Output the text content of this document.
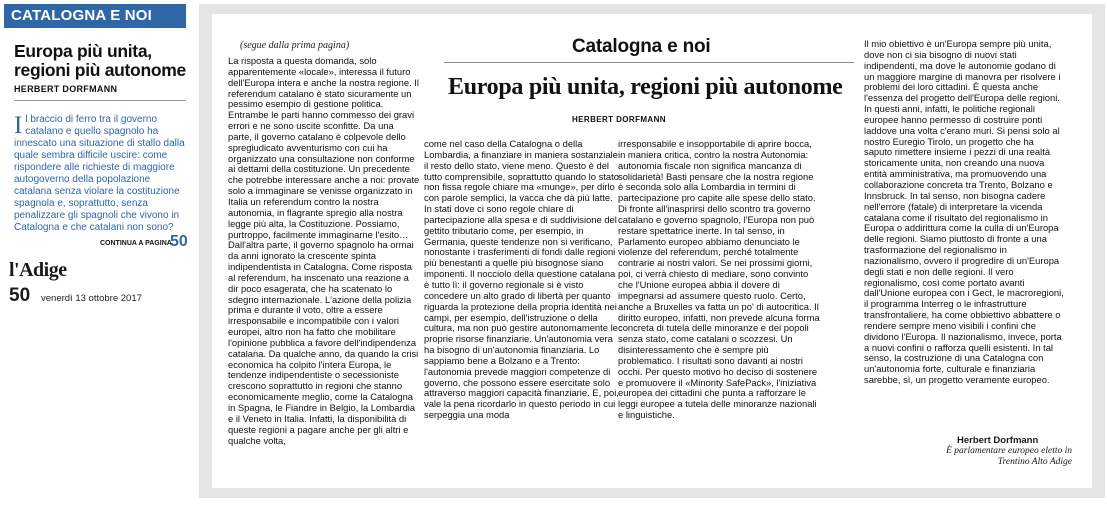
CATALOGNA E NOI
Europa più unita, regioni più autonome
HERBERT DORFMANN
Il braccio di ferro tra il governo catalano e quello spagnolo ha innescato una situazione di stallo dalla quale sembra difficile uscire: come rispondere alle richieste di maggiore autogoverno della popolazione catalana senza violare la costituzione spagnola e, soprattutto, senza penalizzare gli spagnoli che vivono in Catalogna e che catalani non sono?
CONTINUA A PAGINA
50
l'Adige
50 venerdì 13 ottobre 2017
(segue dalla prima pagina)	Catalogna e noi
Europa più unita, regioni più autonome
HERBERT DORFMANN

La risposta a questa domanda, solo apparentemente «locale», interessa il futuro dell'Europa intera e anche la nostra regione. Il referendum catalano è stato sicuramente un pessimo esempio di gestione politica. Entrambe le parti hanno commesso dei gravi errori e ne sono uscite sconfitte. Da una parte, il governo catalano è colpevole dello spregiudicato avventurismo con cui ha organizzato una consultazione non conforme ai dettami della costituzione. Un precedente che potrebbe interessare anche a noi: provate solo a immaginare se venisse organizzato in Italia un referendum contro la nostra autonomia, in flagrante spregio alla nostra legge più alta, la Costituzione. Possiamo, purtroppo, facilmente immaginarne l'esito… Dall'altra parte, il governo spagnolo ha ormai da anni ignorato la crescente spinta indipendentista in Catalogna. Come risposta al referendum, ha inscenato una reazione a dir poco esagerata, che ha scatenato lo sdegno internazionale. L'azione della polizia prima e durante il voto, oltre a essere irresponsabile e incompatibile con i valori europei, altro non ha fatto che mobilitare l'opinione pubblica a favore dell'indipendenza catalana. Da qualche anno, da quando la crisi economica ha colpito l'intera Europa, le tendenze indipendentiste o secessioniste crescono soprattutto in regioni che stanno economicamente meglio, come la Catalogna in Spagna, le Fiandre in Belgio, la Lombardia e il Veneto in Italia. Infatti, la disponibilità di queste regioni a pagare anche per gli altri e qualche volta,

come nel caso della Catalogna o della Lombardia, a finanziare in maniera sostanziale il resto dello stato, viene meno. Questo è del tutto comprensibile, soprattutto quando lo stato non fissa regole chiare ma «munge», per dirlo con parole semplici, la vacca che dà più latte. In stati dove ci sono regole chiare di partecipazione alla spesa e di suddivisione del gettito tributario come, per esempio, in Germania, queste tendenze non si verificano, nonostante i trasferimenti di fondi dalle regioni più benestanti a quelle più bisognose siano imponenti. Il nocciolo della questione catalana è tutto lì: il governo regionale si è visto concedere un alto grado di libertà per quanto riguarda la protezione della propria identità nei campi, per esempio, dell'istruzione o della cultura, ma non può gestire autonomamente le proprie risorse finanziarie. Un'autonomia vera ha bisogno di un'autonomia finanziaria. Lo sappiamo bene a Bolzano e a Trento: l'autonomia prevede maggiori competenze di governo, che possono essere esercitate solo attraverso maggiori capacità finanziarie. E, poi, vale la pena ricordarlo in questo periodo in cui serpeggia una moda

irresponsabile e insopportabile di aprire bocca, in maniera critica, contro la nostra Autonomia: autonomia fiscale non significa mancanza di solidarietà! Basti pensare che la nostra regione è seconda solo alla Lombardia in termini di partecipazione pro capite alle spese dello stato. Di fronte all'inasprirsi dello scontro tra governo catalano e governo spagnolo, l'Europa non può restare spettatrice inerte. In tal senso, in Parlamento europeo abbiamo denunciato le violenze del referendum, perché totalmente contrarie ai nostri valori. Se nei prossimi giorni, poi, ci verrà chiesto di mediare, sono convinto che l'Unione europea abbia il dovere di impegnarsi ad assumere questo ruolo. Certo, anche a Bruxelles va fatta un po' di autocritica. Il diritto europeo, infatti, non prevede alcuna forma concreta di tutela delle minoranze e dei popoli senza stato, come catalani o scozzesi. Un disinteressamento che è sempre più problematico. I risultati sono davanti ai nostri occhi. Per questo motivo ho deciso di sostenere e promuovere il «Minority SafePack», l'iniziativa europea dei cittadini che punta a rafforzare le leggi europee a tutela delle minoranze nazionali e linguistiche.

Il mio obiettivo è un'Europa sempre più unita, dove non ci sia bisogno di nuovi stati indipendenti, ma dove le autonomie godano di un maggiore margine di manovra per risolvere i problemi dei loro cittadini. È questa anche l'essenza del progetto dell'Europa delle regioni. In questi anni, infatti, le politiche regionali europee hanno permesso di costruire ponti laddove una volta c'erano muri. Si pensi solo al nostro Euregio Tirolo, un progetto che ha saputo rimettere insieme i pezzi di una realtà storicamente unita, non creando una nuova entità amministrativa, ma promuovendo una collaborazione concreta tra Trento, Bolzano e Innsbruck. In tal senso, non bisogna cadere nell'errore (fatale) di interpretare la vicenda catalana come il risultato del regionalismo in Europa o addirittura come la culla di un'Europa delle regioni. Siamo piuttosto di fronte a una trasformazione del regionalismo in nazionalismo, ovvero il progredire di un'Europa degli stati e non delle regioni. Il vero regionalismo, così come portato avanti dall'Unione europea con i Gect, le macroregioni, il programma Interreg o le infrastrutture transfrontaliere, ha come obbiettivo abbattere o rendere sempre meno visibili i confini che dividono l'Europa. Il nazionalismo, invece, porta a nuovi confini o rafforza quelli esistenti. In tal senso, la costruzione di una Catalogna con un'autonomia forte, culturale e finanziaria sarebbe, sì, un progetto veramente europeo.

Herbert Dorfmann
È parlamentare europeo eletto in Trentino Alto Adige
